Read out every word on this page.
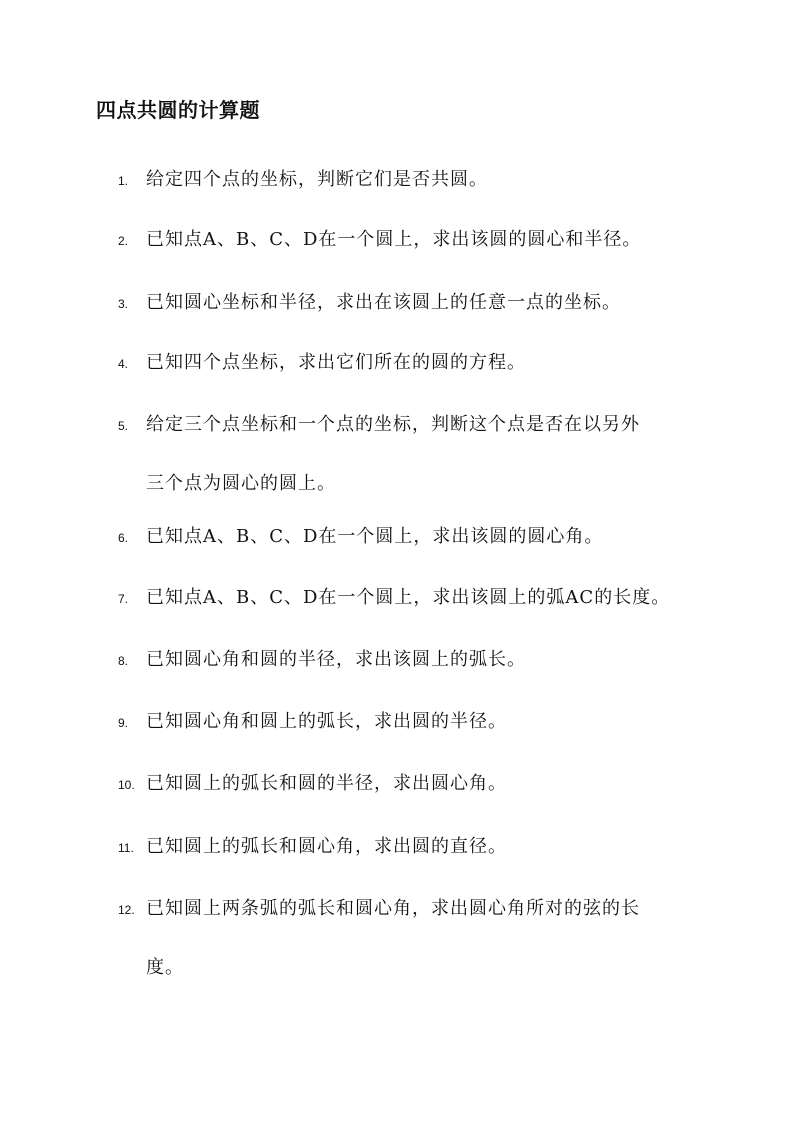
四点共圆的计算题
1. 给定四个点的坐标，判断它们是否共圆。
2. 已知点A、B、C、D在一个圆上，求出该圆的圆心和半径。
3. 已知圆心坐标和半径，求出在该圆上的任意一点的坐标。
4. 已知四个点坐标，求出它们所在的圆的方程。
5. 给定三个点坐标和一个点的坐标，判断这个点是否在以另外
三个点为圆心的圆上。
6. 已知点A、B、C、D在一个圆上，求出该圆的圆心角。
7. 已知点A、B、C、D在一个圆上，求出该圆上的弧AC的长度。
8. 已知圆心角和圆的半径，求出该圆上的弧长。
9. 已知圆心角和圆上的弧长，求出圆的半径。
10. 已知圆上的弧长和圆的半径，求出圆心角。
11. 已知圆上的弧长和圆心角，求出圆的直径。
12. 已知圆上两条弧的弧长和圆心角，求出圆心角所对的弦的长
度。
